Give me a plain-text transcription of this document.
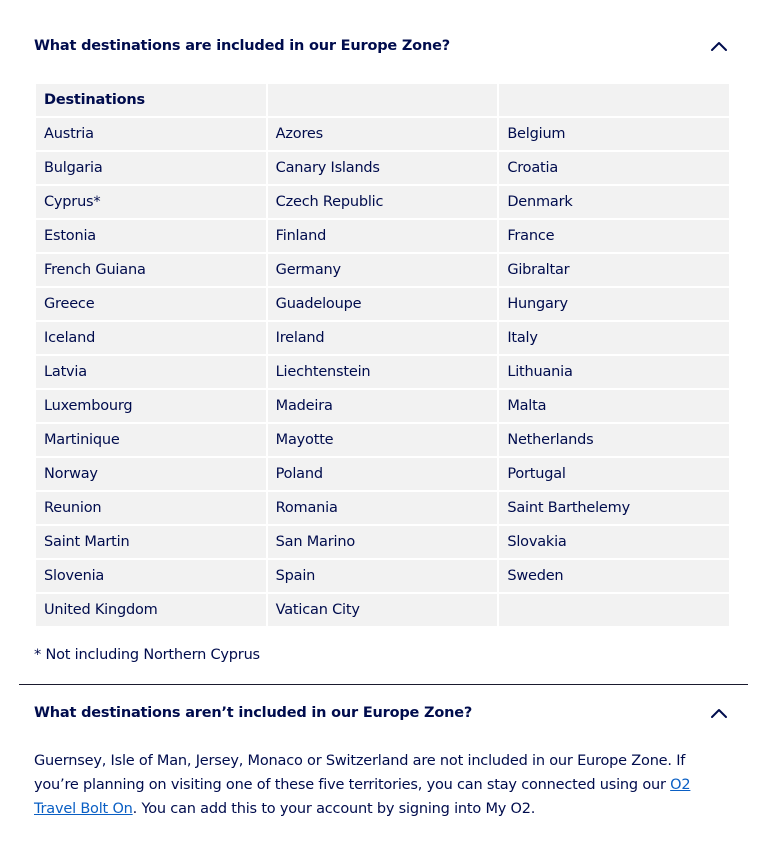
What destinations are included in our Europe Zone?
Destinations		
Austria	Azores	Belgium
Bulgaria	Canary Islands	Croatia
Cyprus*	Czech Republic	Denmark
Estonia	Finland	France
French Guiana	Germany	Gibraltar
Greece	Guadeloupe	Hungary
Iceland	Ireland	Italy
Latvia	Liechtenstein	Lithuania
Luxembourg	Madeira	Malta
Martinique	Mayotte	Netherlands
Norway	Poland	Portugal
Reunion	Romania	Saint Barthelemy
Saint Martin	San Marino	Slovakia
Slovenia	Spain	Sweden
United Kingdom	Vatican City	
* Not including Northern Cyprus
What destinations aren’t included in our Europe Zone?

Guernsey, Isle of Man, Jersey, Monaco or Switzerland are not included in our Europe Zone. If you’re planning on visiting one of these five territories, you can stay connected using our O2 Travel Bolt On. You can add this to your account by signing into My O2.
